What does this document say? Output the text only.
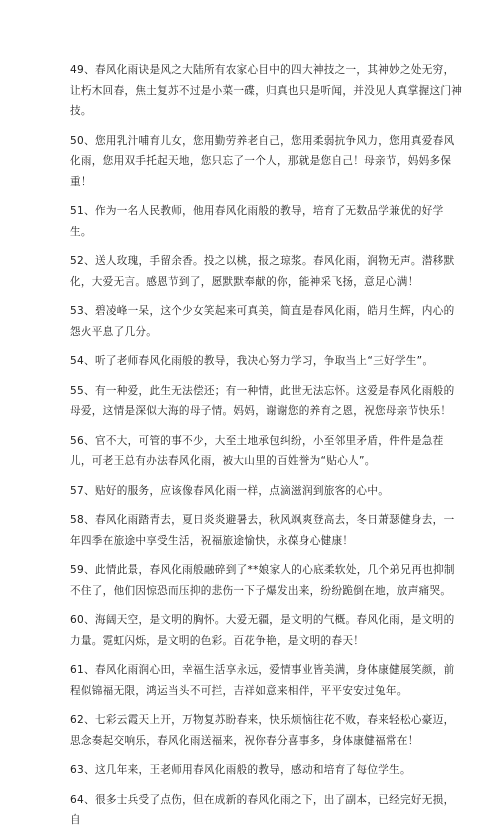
49、春风化雨诀是风之大陆所有农家心目中的四大神技之一，其神妙之处无穷，让朽木回春，焦土复苏不过是小菜一碟，归真也只是听闻，并没见人真掌握这门神技。

50、您用乳汁哺育儿女，您用勤劳养老自己，您用柔弱抗争风力，您用真爱春风化雨，您用双手托起天地，您只忘了一个人，那就是您自己！母亲节，妈妈多保重！

51、作为一名人民教师，他用春风化雨般的教导，培育了无数品学兼优的好学生。

52、送人玫瑰，手留余香。投之以桃，报之琼浆。春风化雨，润物无声。潜移默化，大爱无言。感恩节到了，愿默默奉献的你，能神采飞扬，意足心满！

53、碧凌峰一呆，这个少女笑起来可真美，简直是春风化雨，皓月生辉，内心的怨火平息了几分。

54、听了老师春风化雨般的教导，我决心努力学习，争取当上“三好学生”。

55、有一种爱，此生无法偿还；有一种情，此世无法忘怀。这爱是春风化雨般的母爱，这情是深似大海的母子情。妈妈，谢谢您的养育之恩，祝您母亲节快乐！

56、官不大，可管的事不少，大至土地承包纠纷，小至邻里矛盾，件件是急茬儿，可老王总有办法春风化雨，被大山里的百姓誉为“贴心人”。

57、贴好的服务，应该像春风化雨一样，点滴滋润到旅客的心中。

58、春风化雨踏青去，夏日炎炎避暑去，秋风飒爽登高去，冬日萧瑟健身去，一年四季在旅途中享受生活，祝福旅途愉快，永葆身心健康！

59、此情此景，春风化雨般融碎到了**娘家人的心底柔软处，几个弟兄再也抑制不住了，他们因惊恐而压抑的悲伤一下子爆发出来，纷纷跪倒在地，放声痛哭。

60、海阔天空，是文明的胸怀。大爱无疆，是文明的气概。春风化雨，是文明的力量。霓虹闪烁，是文明的色彩。百花争艳，是文明的春天！

61、春风化雨润心田，幸福生活享永远，爱情事业皆美满，身体康健展笑颜，前程似锦福无限，鸿运当头不可拦，吉祥如意来相伴，平平安安过兔年。

62、七彩云霞天上开，万物复苏盼春来，快乐烦恼往花不败，春来轻松心豪迈，思念奏起交响乐，春风化雨送福来，祝你春分喜事多，身体康健福常在！

63、这几年来，王老师用春风化雨般的教导，感动和培育了每位学生。

64、很多士兵受了点伤，但在成新的春风化雨之下，出了副本，已经完好无损，自
